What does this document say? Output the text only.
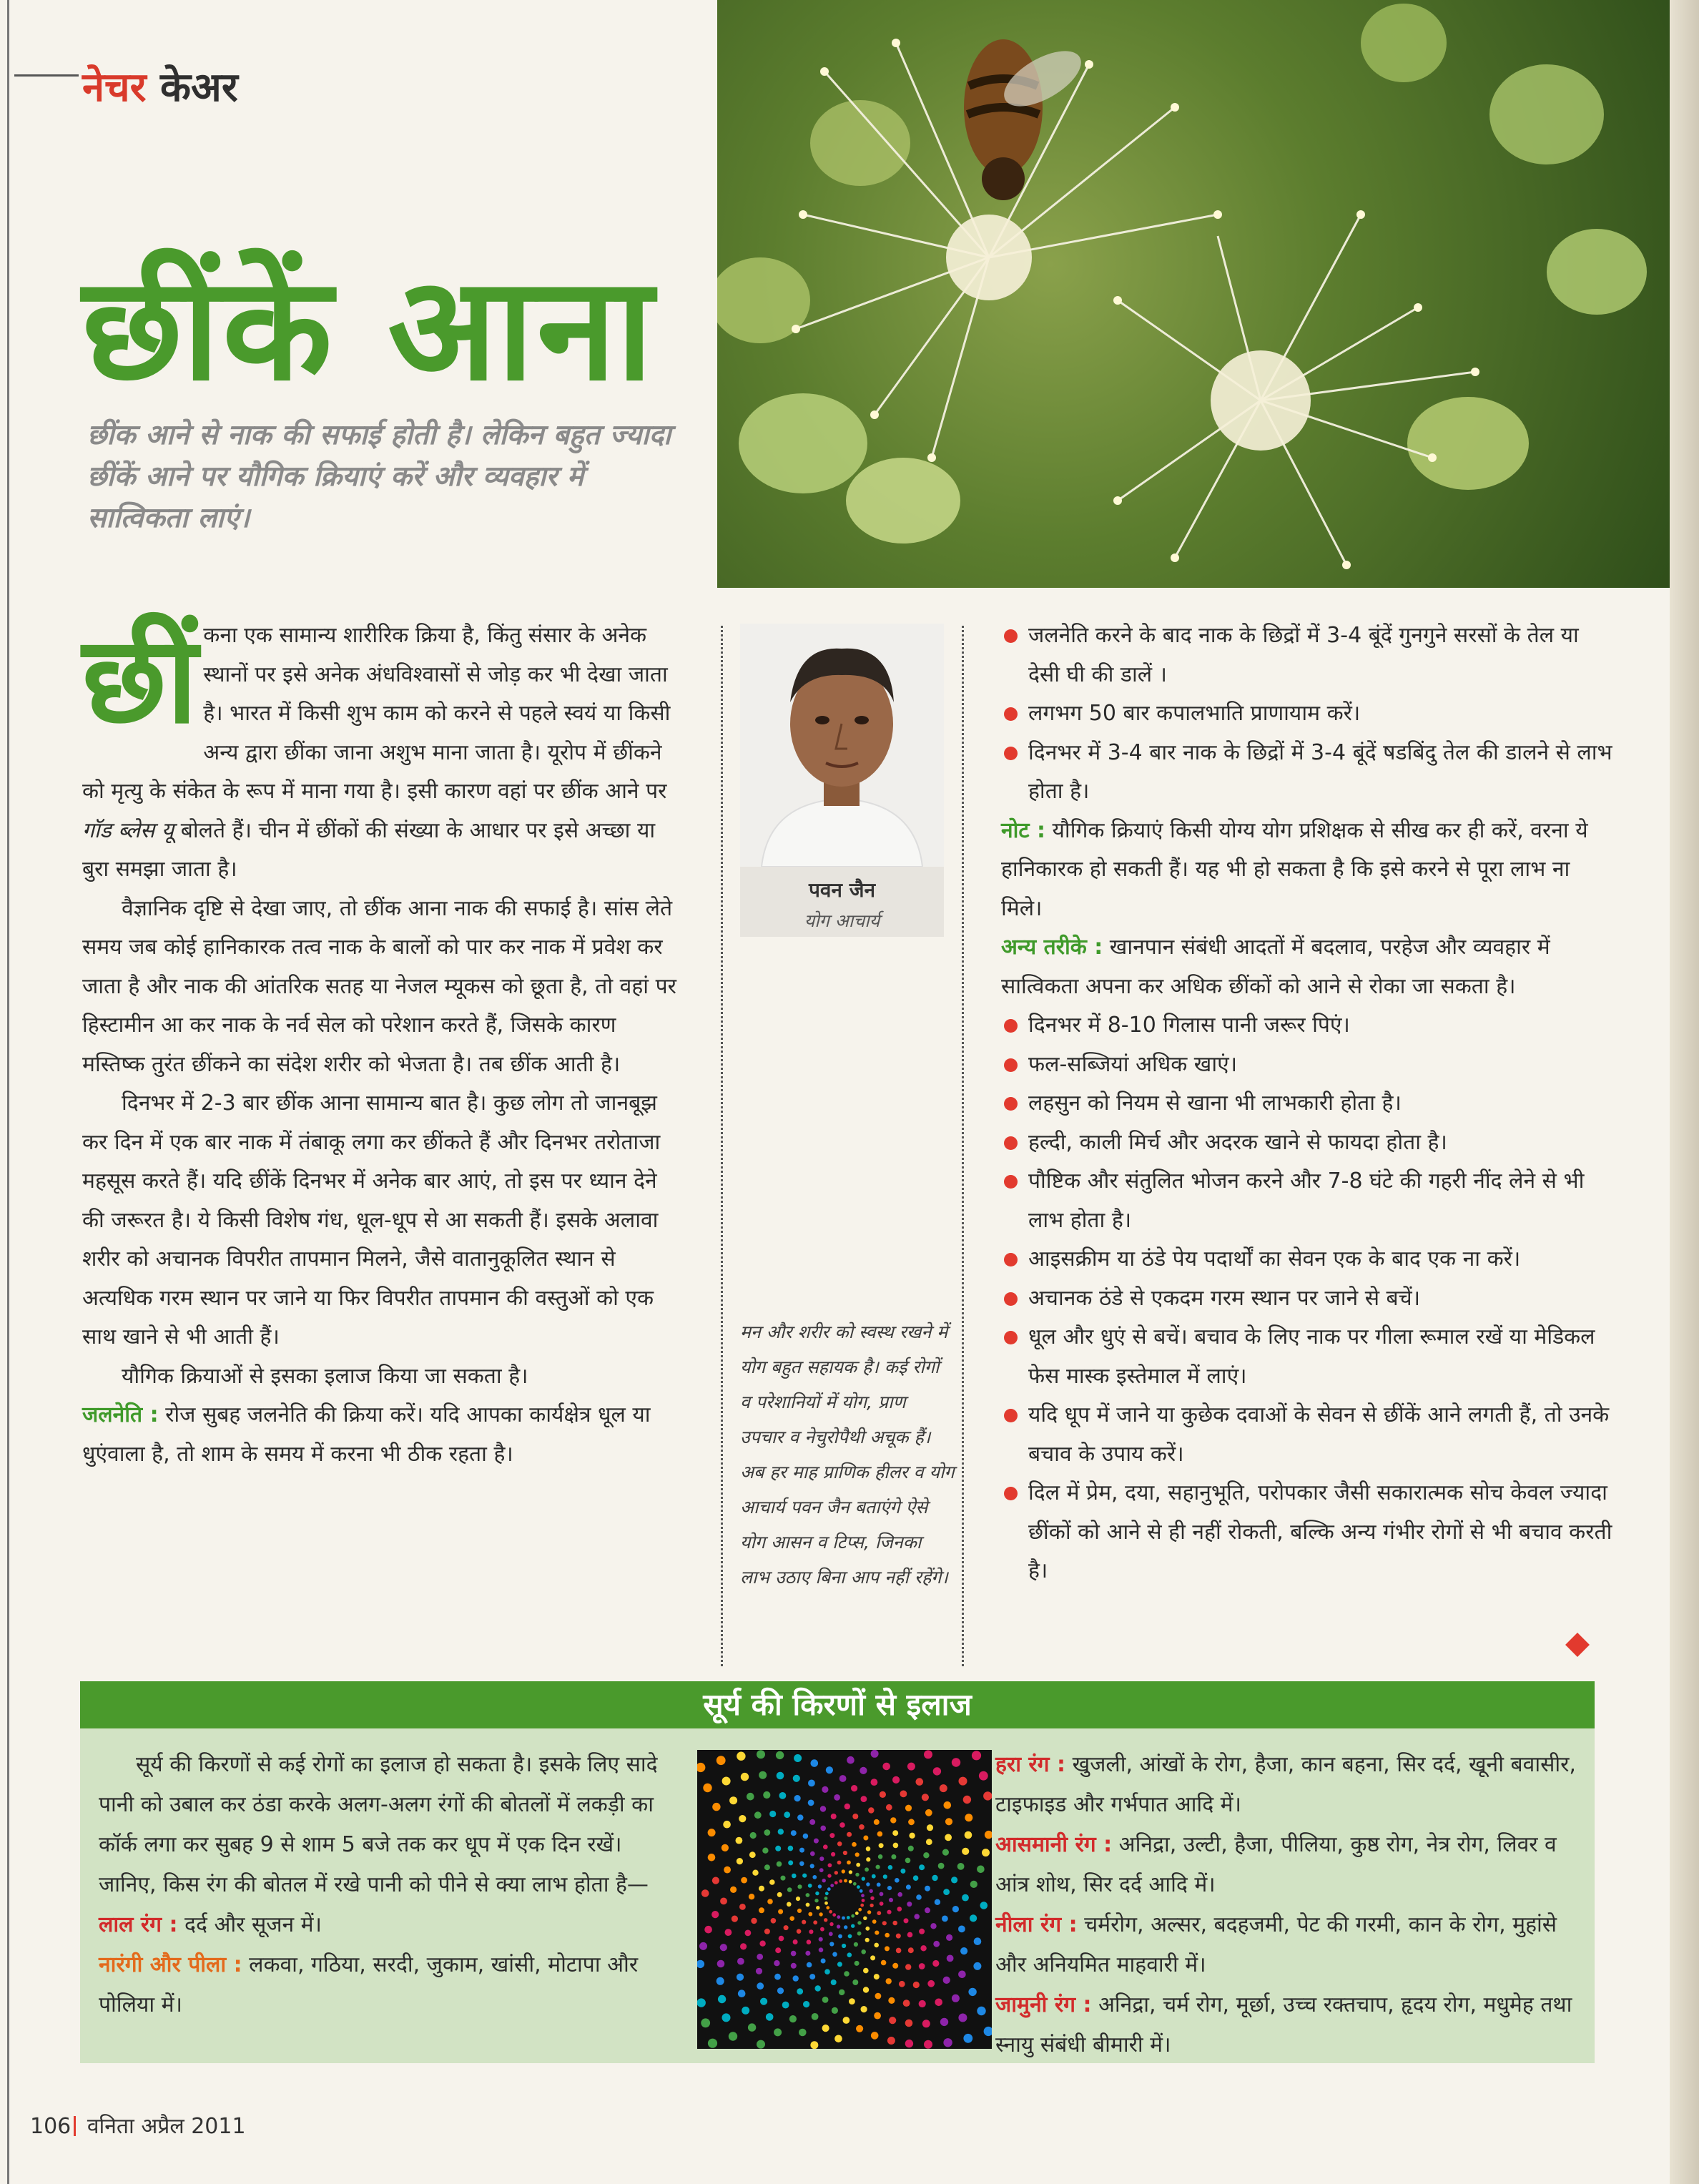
नेचर केअर
छींकें आना
छींक आने से नाक की सफाई होती है। लेकिन बहुत ज्यादा छींकें आने पर यौगिक क्रियाएं करें और व्यवहार में सात्विकता लाएं।
छीं कना एक सामान्य शारीरिक क्रिया है, किंतु संसार के अनेक स्थानों पर इसे अनेक अंधविश्वासों से जोड़ कर भी देखा जाता है। भारत में किसी शुभ काम को करने से पहले स्वयं या किसी अन्य द्वारा छींका जाना अशुभ माना जाता है। यूरोप में छींकने को मृत्यु के संकेत के रूप में माना गया है। इसी कारण वहां पर छींक आने पर गॉड ब्लेस यू बोलते हैं। चीन में छींकों की संख्या के आधार पर इसे अच्छा या बुरा समझा जाता है।

वैज्ञानिक दृष्टि से देखा जाए, तो छींक आना नाक की सफाई है। सांस लेते समय जब कोई हानिकारक तत्व नाक के बालों को पार कर नाक में प्रवेश कर जाता है और नाक की आंतरिक सतह या नेजल म्यूकस को छूता है, तो वहां पर हिस्टामीन आ कर नाक के नर्व सेल को परेशान करते हैं, जिसके कारण मस्तिष्क तुरंत छींकने का संदेश शरीर को भेजता है। तब छींक आती है।

दिनभर में 2-3 बार छींक आना सामान्य बात है। कुछ लोग तो जानबूझ कर दिन में एक बार नाक में तंबाकू लगा कर छींकते हैं और दिनभर तरोताजा महसूस करते हैं। यदि छींकें दिनभर में अनेक बार आएं, तो इस पर ध्यान देने की जरूरत है। ये किसी विशेष गंध, धूल-धूप से आ सकती हैं। इसके अलावा शरीर को अचानक विपरीत तापमान मिलने, जैसे वातानुकूलित स्थान से अत्यधिक गरम स्थान पर जाने या फिर विपरीत तापमान की वस्तुओं को एक साथ खाने से भी आती हैं।

यौगिक क्रियाओं से इसका इलाज किया जा सकता है।

जलनेति : रोज सुबह जलनेति की क्रिया करें। यदि आपका कार्यक्षेत्र धूल या धुएंवाला है, तो शाम के समय में करना भी ठीक रहता है।

पवन जैन
योग आचार्य
मन और शरीर को स्वस्थ रखने में योग बहुत सहायक है। कई रोगों व परेशानियों में योग, प्राण उपचार व नेचुरोपैथी अचूक हैं। अब हर माह प्राणिक हीलर व योग आचार्य पवन जैन बताएंगे ऐसे योग आसन व टिप्स, जिनका लाभ उठाए बिना आप नहीं रहेंगे।
जलनेति करने के बाद नाक के छिद्रों में 3-4 बूंदें गुनगुने सरसों के तेल या देसी घी की डालें ।
लगभग 50 बार कपालभाति प्राणायाम करें।
दिनभर में 3-4 बार नाक के छिद्रों में 3-4 बूंदें षडबिंदु तेल की डालने से लाभ होता है।
नोट : यौगिक क्रियाएं किसी योग्य योग प्रशिक्षक से सीख कर ही करें, वरना ये हानिकारक हो सकती हैं। यह भी हो सकता है कि इसे करने से पूरा लाभ ना मिले।
अन्य तरीके : खानपान संबंधी आदतों में बदलाव, परहेज और व्यवहार में सात्विकता अपना कर अधिक छींकों को आने से रोका जा सकता है।
दिनभर में 8-10 गिलास पानी जरूर पिएं।
फल-सब्जियां अधिक खाएं।
लहसुन को नियम से खाना भी लाभकारी होता है।
हल्दी, काली मिर्च और अदरक खाने से फायदा होता है।
पौष्टिक और संतुलित भोजन करने और 7-8 घंटे की गहरी नींद लेने से भी लाभ होता है।
आइसक्रीम या ठंडे पेय पदार्थों का सेवन एक के बाद एक ना करें।
अचानक ठंडे से एकदम गरम स्थान पर जाने से बचें।
धूल और धुएं से बचें। बचाव के लिए नाक पर गीला रूमाल रखें या मेडिकल फेस मास्क इस्तेमाल में लाएं।
यदि धूप में जाने या कुछेक दवाओं के सेवन से छींकें आने लगती हैं, तो उनके बचाव के उपाय करें।
दिल में प्रेम, दया, सहानुभूति, परोपकार जैसी सकारात्मक सोच केवल ज्यादा छींकों को आने से ही नहीं रोकती, बल्कि अन्य गंभीर रोगों से भी बचाव करती है।
सूर्य की किरणों से इलाज

सूर्य की किरणों से कई रोगों का इलाज हो सकता है। इसके लिए सादे पानी को उबाल कर ठंडा करके अलग-अलग रंगों की बोतलों में लकड़ी का कॉर्क लगा कर सुबह 9 से शाम 5 बजे तक कर धूप में एक दिन रखें। जानिए, किस रंग की बोतल में रखे पानी को पीने से क्या लाभ होता है—

लाल रंग : दर्द और सूजन में।

नारंगी और पीला : लकवा, गठिया, सरदी, जुकाम, खांसी, मोटापा और पोलिया में।

हरा रंग : खुजली, आंखों के रोग, हैजा, कान बहना, सिर दर्द, खूनी बवासीर, टाइफाइड और गर्भपात आदि में।

आसमानी रंग : अनिद्रा, उल्टी, हैजा, पीलिया, कुष्ठ रोग, नेत्र रोग, लिवर व आंत्र शोथ, सिर दर्द आदि में।

नीला रंग : चर्मरोग, अल्सर, बदहजमी, पेट की गरमी, कान के रोग, मुहांसे और अनियमित माहवारी में।

जामुनी रंग : अनिद्रा, चर्म रोग, मूर्छा, उच्च रक्तचाप, हृदय रोग, मधुमेह तथा स्नायु संबंधी बीमारी में।

106 वनिता अप्रैल 2011
